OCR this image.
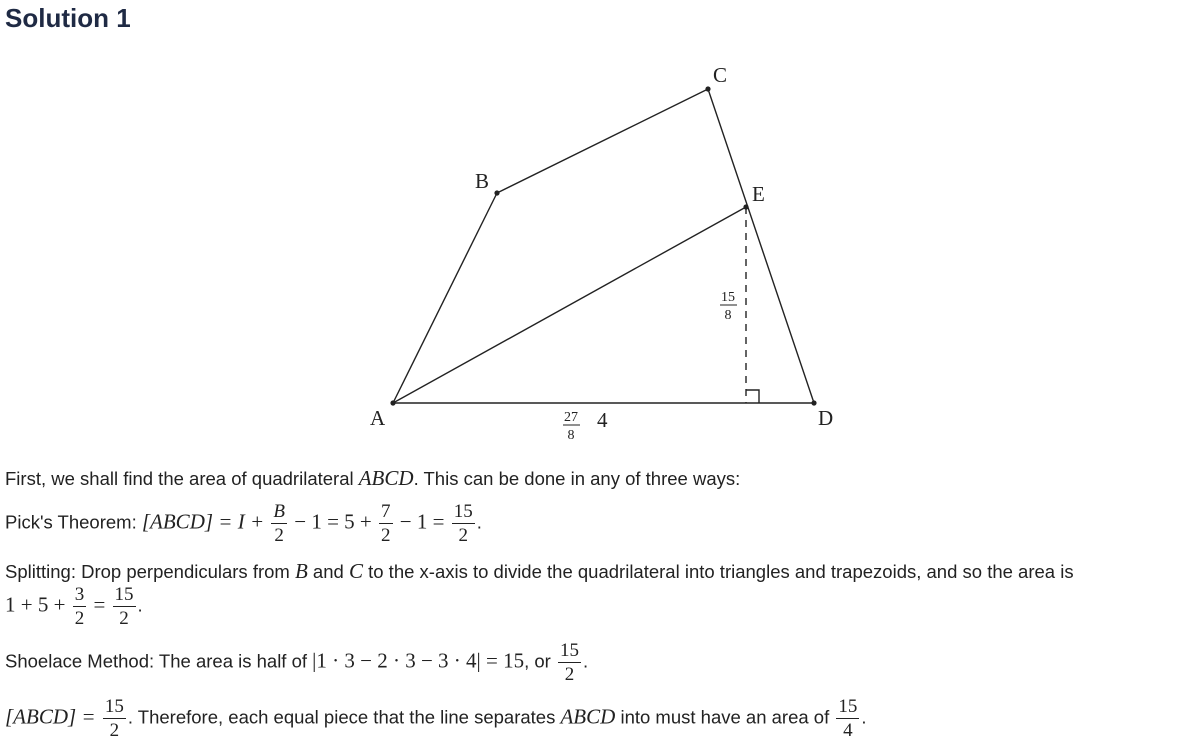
Solution 1
A
B
C
D
E
15
8
27
8
4
First, we shall find the area of quadrilateral ABCD. This can be done in any of three ways:
Pick's Theorem: [ABCD] = $I + \frac{B}{2} - 1 = 5 + \frac{7}{2} - 1 = \frac{15}{2}$ .
Splitting: Drop perpendiculars from B and C to the x-axis to divide the quadrilateral into triangles and trapezoids, and so the area is
$1 + 5 + \frac{3}{2} = \frac{15}{2}$ .
Shoelace Method: The area is half of |1 · 3 − 2 · 3 − 3 · 4| = 15, or $\frac{15}{2}$ .
[ABCD] = $\frac{15}{2}$ . Therefore, each equal piece that the line separates ABCD into must have an area of $\frac{15}{4}$ .
